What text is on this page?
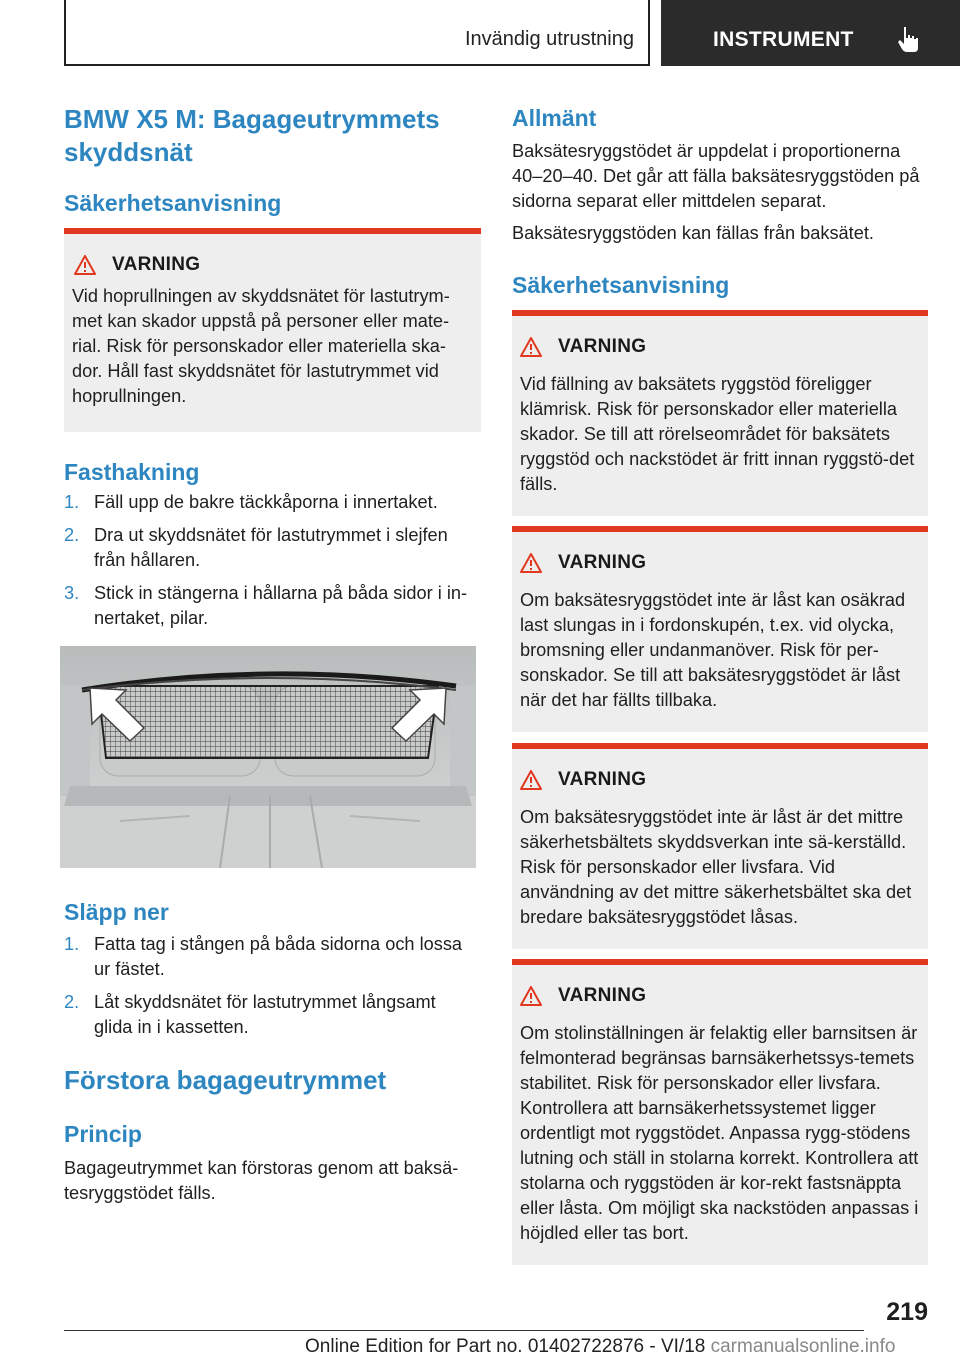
Invändig utrustning	INSTRUMENT
BMW X5 M: Bagageutrymmets skyddsnät
Säkerhetsanvisning
VARNING
Vid hoprullningen av skyddsnätet för lastutrym‐met kan skador uppstå på personer eller mate‐rial. Risk för personskador eller materiella ska‐dor. Håll fast skyddsnätet för lastutrymmet vid hoprullningen.
Fasthakning
1. Fäll upp de bakre täckkåporna i innertaket.
2. Dra ut skyddsnätet för lastutrymmet i slejfen från hållaren.
3. Stick in stängerna i hållarna på båda sidor i in‐nertaket, pilar.
Släpp ner
1. Fatta tag i stången på båda sidorna och lossa ur fästet.
2. Låt skyddsnätet för lastutrymmet långsamt glida in i kassetten.
Förstora bagageutrymmet
Princip
Bagageutrymmet kan förstoras genom att baksä‐tesryggstödet fälls.
Allmänt
Baksätesryggstödet är uppdelat i proportionerna 40–20–40. Det går att fälla baksätesryggstöden på sidorna separat eller mittdelen separat.
Baksätesryggstöden kan fällas från baksätet.
Säkerhetsanvisning
VARNING
Vid fällning av baksätets ryggstöd föreligger klämrisk. Risk för personskador eller materiella skador. Se till att rörelseområdet för baksätets ryggstöd och nackstödet är fritt innan ryggstö‐det fälls.
VARNING
Om baksätesryggstödet inte är låst kan osäkrad last slungas in i fordonskupén, t.ex. vid olycka, bromsning eller undanmanöver. Risk för per‐sonskador. Se till att baksätesryggstödet är låst när det har fällts tillbaka.
VARNING
Om baksätesryggstödet inte är låst är det mittre säkerhetsbältets skyddsverkan inte sä‐kerställd. Risk för personskador eller livsfara. Vid användning av det mittre säkerhetsbältet ska det bredare baksätesryggstödet låsas.
VARNING
Om stolinställningen är felaktig eller barnsitsen är felmonterad begränsas barnsäkerhetssys‐temets stabilitet. Risk för personskador eller livsfara. Kontrollera att barnsäkerhetssystemet ligger ordentligt mot ryggstödet. Anpassa rygg‐stödens lutning och ställ in stolarna korrekt. Kontrollera att stolarna och ryggstöden är kor‐rekt fastsnäppta eller låsta. Om möjligt ska nackstöden anpassas i höjdled eller tas bort.
219
Online Edition for Part no. 01402722876 - VI/18 carmanualsonline.info
